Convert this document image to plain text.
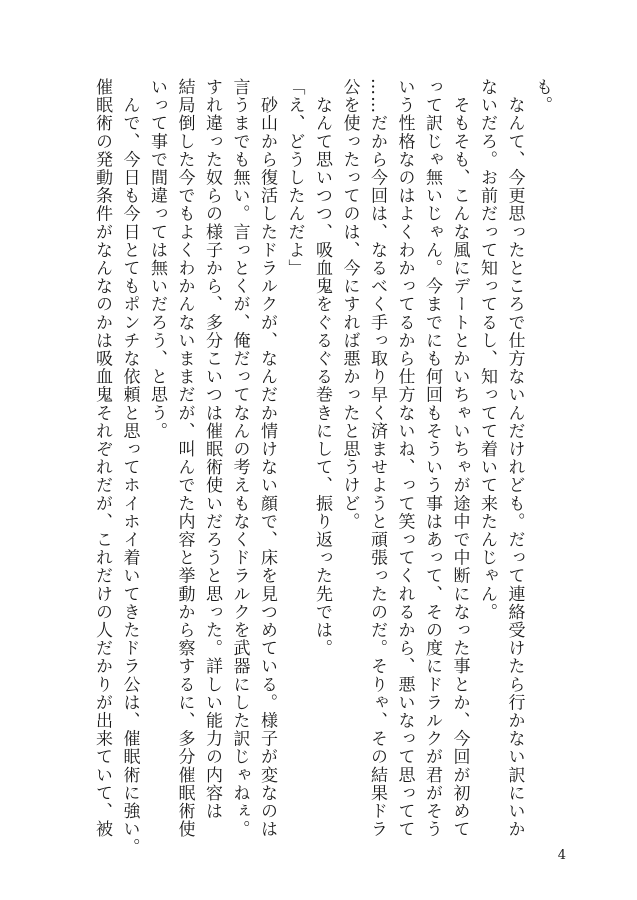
も。
　なんて、今更思ったところで仕方ないんだけれども。だって連絡受けたら行かない訳にいか
ないだろ。お前だって知ってるし、知ってて着いて来たんじゃん。
　そもそも、こんな風にデートとかいちゃいちゃが途中で中断になった事とか、今回が初めて
って訳じゃ無いじゃん。今までにも何回もそういう事はあって、その度にドラルクが君がそう
いう性格なのはよくわかってるから仕方ないね、って笑ってくれるから、悪いなって思ってて
……だから今回は、なるべく手っ取り早く済ませようと頑張ったのだ。そりゃ、その結果ドラ
公を使ったってのは、今にすれば悪かったと思うけど。
　なんて思いつつ、吸血鬼をぐるぐる巻きにして、振り返った先では。
「え、どうしたんだよ」
　砂山から復活したドラルクが、なんだか情けない顔で、床を見つめている。様子が変なのは
言うまでも無い。言っとくが、俺だってなんの考えもなくドラルクを武器にした訳じゃねぇ。
すれ違った奴らの様子から、多分こいつは催眠術使いだろうと思った。詳しい能力の内容は
結局倒した今でもよくわかんないままだが、叫んでた内容と挙動から察するに、多分催眠術使
いって事で間違っては無いだろう、と思う。
　んで、今日も今日とてもポンチな依頼と思ってホイホイ着いてきたドラ公は、催眠術に強い。
催眠術の発動条件がなんなのかは吸血鬼それぞれだが、これだけの人だかりが出来ていて、被
4
